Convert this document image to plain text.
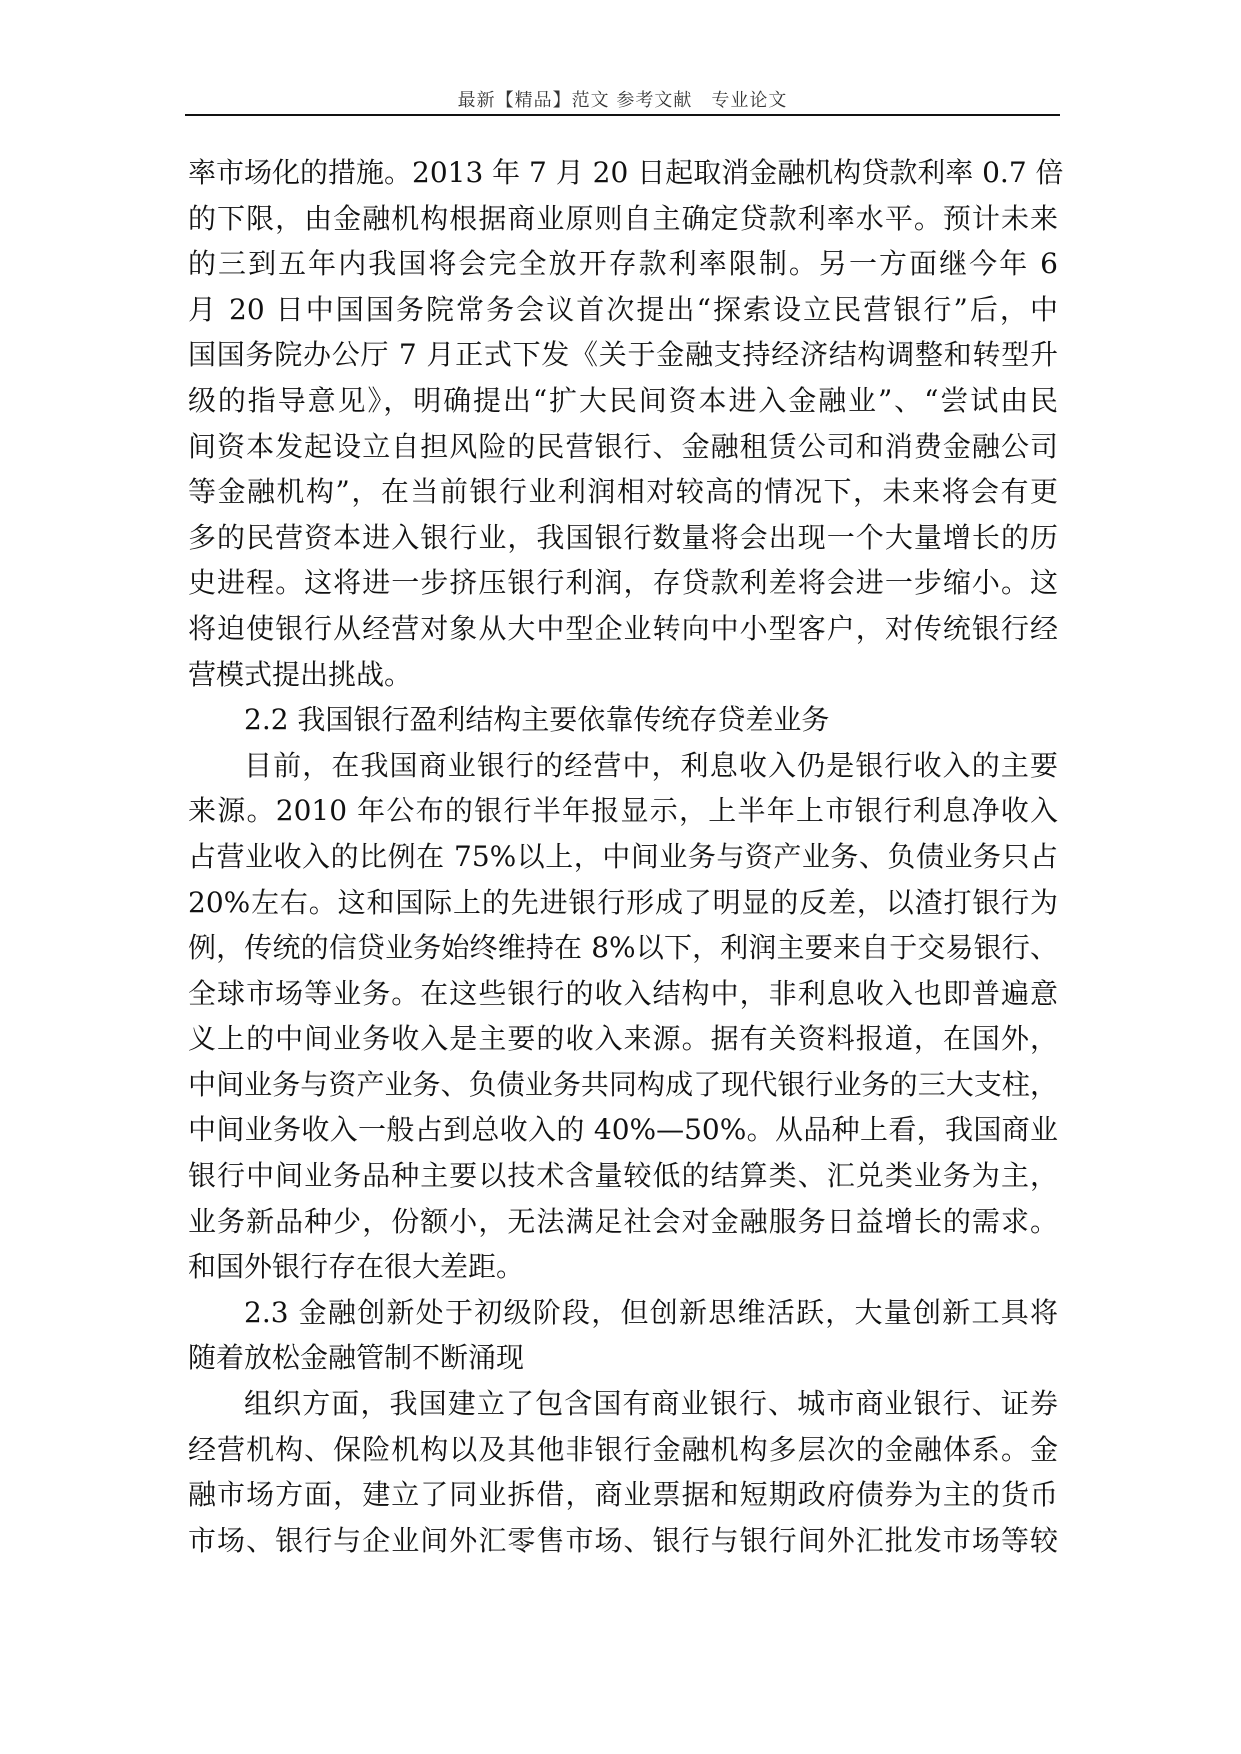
最新【精品】范文 参考文献　专业论文
率市场化的措施。2013 年 7 月 20 日起取消金融机构贷款利率 0.7 倍
的下限，由金融机构根据商业原则自主确定贷款利率水平。预计未来
的三到五年内我国将会完全放开存款利率限制。另一方面继今年 6
月 20 日中国国务院常务会议首次提出“探索设立民营银行”后，中
国国务院办公厅 7 月正式下发《关于金融支持经济结构调整和转型升
级的指导意见》，明确提出“扩大民间资本进入金融业”、“尝试由民
间资本发起设立自担风险的民营银行、金融租赁公司和消费金融公司
等金融机构”，在当前银行业利润相对较高的情况下，未来将会有更
多的民营资本进入银行业，我国银行数量将会出现一个大量增长的历
史进程。这将进一步挤压银行利润，存贷款利差将会进一步缩小。这
将迫使银行从经营对象从大中型企业转向中小型客户，对传统银行经
营模式提出挑战。
2.2 我国银行盈利结构主要依靠传统存贷差业务
目前，在我国商业银行的经营中，利息收入仍是银行收入的主要
来源。2010 年公布的银行半年报显示，上半年上市银行利息净收入
占营业收入的比例在 75%以上，中间业务与资产业务、负债业务只占
20%左右。这和国际上的先进银行形成了明显的反差，以渣打银行为
例，传统的信贷业务始终维持在 8%以下，利润主要来自于交易银行、
全球市场等业务。在这些银行的收入结构中，非利息收入也即普遍意
义上的中间业务收入是主要的收入来源。据有关资料报道，在国外，
中间业务与资产业务、负债业务共同构成了现代银行业务的三大支柱，
中间业务收入一般占到总收入的 40%—50%。从品种上看，我国商业
银行中间业务品种主要以技术含量较低的结算类、汇兑类业务为主，
业务新品种少，份额小，无法满足社会对金融服务日益增长的需求。
和国外银行存在很大差距。
2.3 金融创新处于初级阶段，但创新思维活跃，大量创新工具将
随着放松金融管制不断涌现
组织方面，我国建立了包含国有商业银行、城市商业银行、证券
经营机构、保险机构以及其他非银行金融机构多层次的金融体系。金
融市场方面，建立了同业拆借，商业票据和短期政府债券为主的货币
市场、银行与企业间外汇零售市场、银行与银行间外汇批发市场等较
